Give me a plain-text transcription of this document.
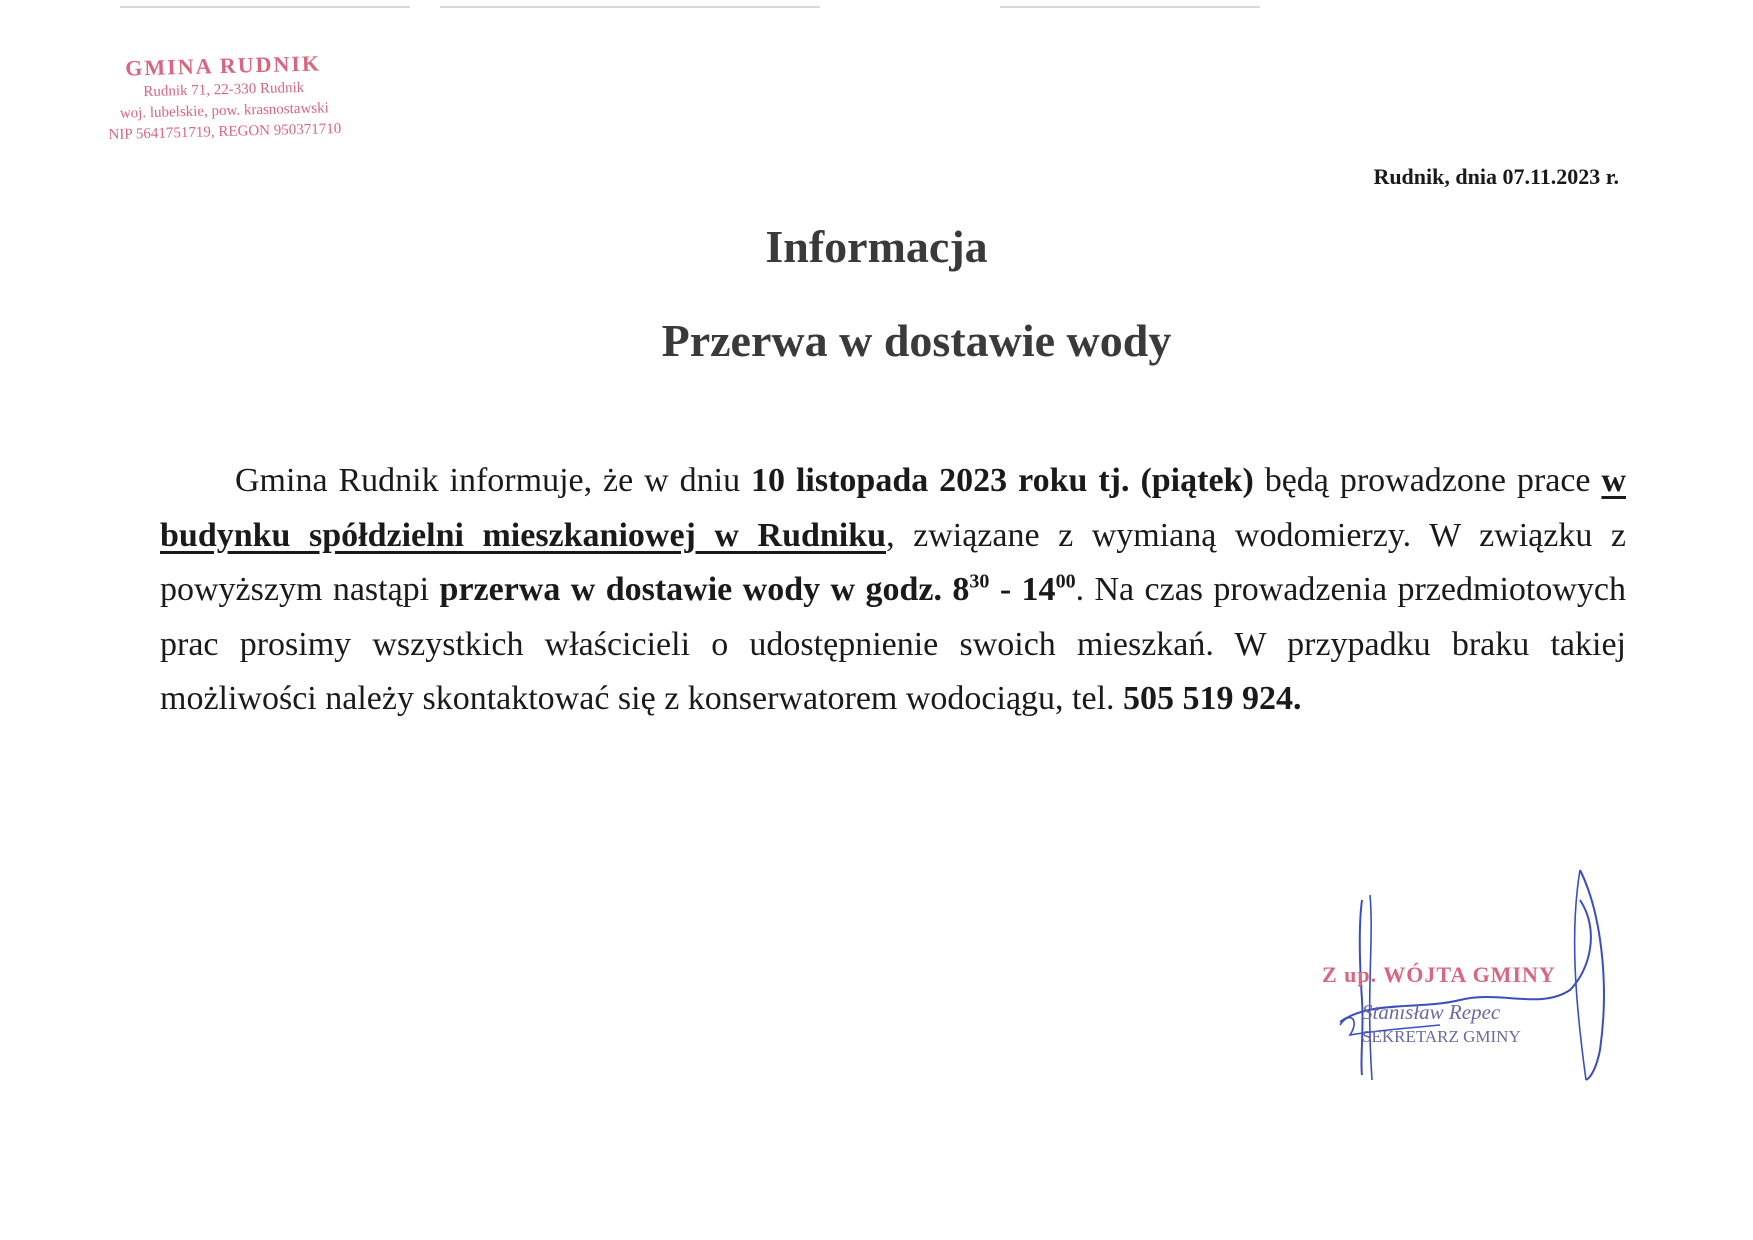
GMINA RUDNIK
Rudnik 71, 22-330 Rudnik
woj. lubelskie, pow. krasnostawski
NIP 5641751719, REGON 950371710
Rudnik, dnia 07.11.2023 r.
Informacja
Przerwa w dostawie wody
Gmina Rudnik informuje, że w dniu 10 listopada 2023 roku tj. (piątek) będą prowadzone prace w budynku spółdzielni mieszkaniowej w Rudniku, związane z wymianą wodomierzy. W związku z powyższym nastąpi przerwa w dostawie wody w godz. $8^{30} - 14^{00}$. Na czas prowadzenia przedmiotowych prac prosimy wszystkich właścicieli o udostępnienie swoich mieszkań. W przypadku braku takiej możliwości należy skontaktować się z konserwatorem wodociągu, tel. 505 519 924.
Z up. WÓJTA GMINY
Stanisław Repec
SEKRETARZ GMINY
